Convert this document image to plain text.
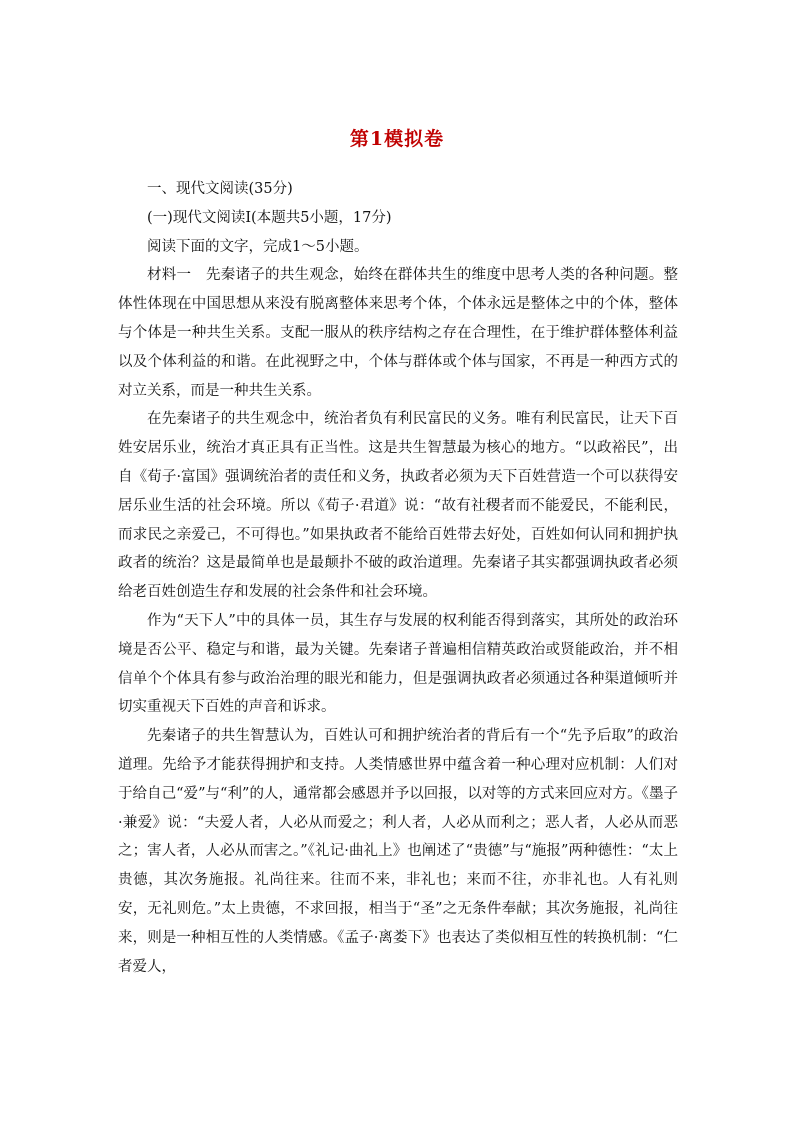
第1模拟卷

一、现代文阅读(35分)

(一)现代文阅读Ⅰ(本题共5小题，17分)

阅读下面的文字，完成1～5小题。

材料一　先秦诸子的共生观念，始终在群体共生的维度中思考人类的各种问题。整体性体现在中国思想从来没有脱离整体来思考个体，个体永远是整体之中的个体，整体与个体是一种共生关系。支配一服从的秩序结构之存在合理性，在于维护群体整体利益以及个体利益的和谐。在此视野之中，个体与群体或个体与国家，不再是一种西方式的对立关系，而是一种共生关系。

在先秦诸子的共生观念中，统治者负有利民富民的义务。唯有利民富民，让天下百姓安居乐业，统治才真正具有正当性。这是共生智慧最为核心的地方。“以政裕民”，出自《荀子·富国》强调统治者的责任和义务，执政者必须为天下百姓营造一个可以获得安居乐业生活的社会环境。所以《荀子·君道》说：“故有社稷者而不能爱民，不能利民，而求民之亲爱己，不可得也。”如果执政者不能给百姓带去好处，百姓如何认同和拥护执政者的统治？这是最简单也是最颠扑不破的政治道理。先秦诸子其实都强调执政者必须给老百姓创造生存和发展的社会条件和社会环境。

作为“天下人”中的具体一员，其生存与发展的权利能否得到落实，其所处的政治环境是否公平、稳定与和谐，最为关键。先秦诸子普遍相信精英政治或贤能政治，并不相信单个个体具有参与政治治理的眼光和能力，但是强调执政者必须通过各种渠道倾听并切实重视天下百姓的声音和诉求。

先秦诸子的共生智慧认为，百姓认可和拥护统治者的背后有一个“先予后取”的政治道理。先给予才能获得拥护和支持。人类情感世界中蕴含着一种心理对应机制：人们对于给自己“爱”与“利”的人，通常都会感恩并予以回报，以对等的方式来回应对方。《墨子·兼爱》说：“夫爱人者，人必从而爱之；利人者，人必从而利之；恶人者，人必从而恶之；害人者，人必从而害之。”《礼记·曲礼上》也阐述了“贵德”与“施报”两种德性：“太上贵德，其次务施报。礼尚往来。往而不来，非礼也；来而不往，亦非礼也。人有礼则安，无礼则危。”太上贵德，不求回报，相当于“圣”之无条件奉献；其次务施报，礼尚往来，则是一种相互性的人类情感。《孟子·离娄下》也表达了类似相互性的转换机制：“仁者爱人，
